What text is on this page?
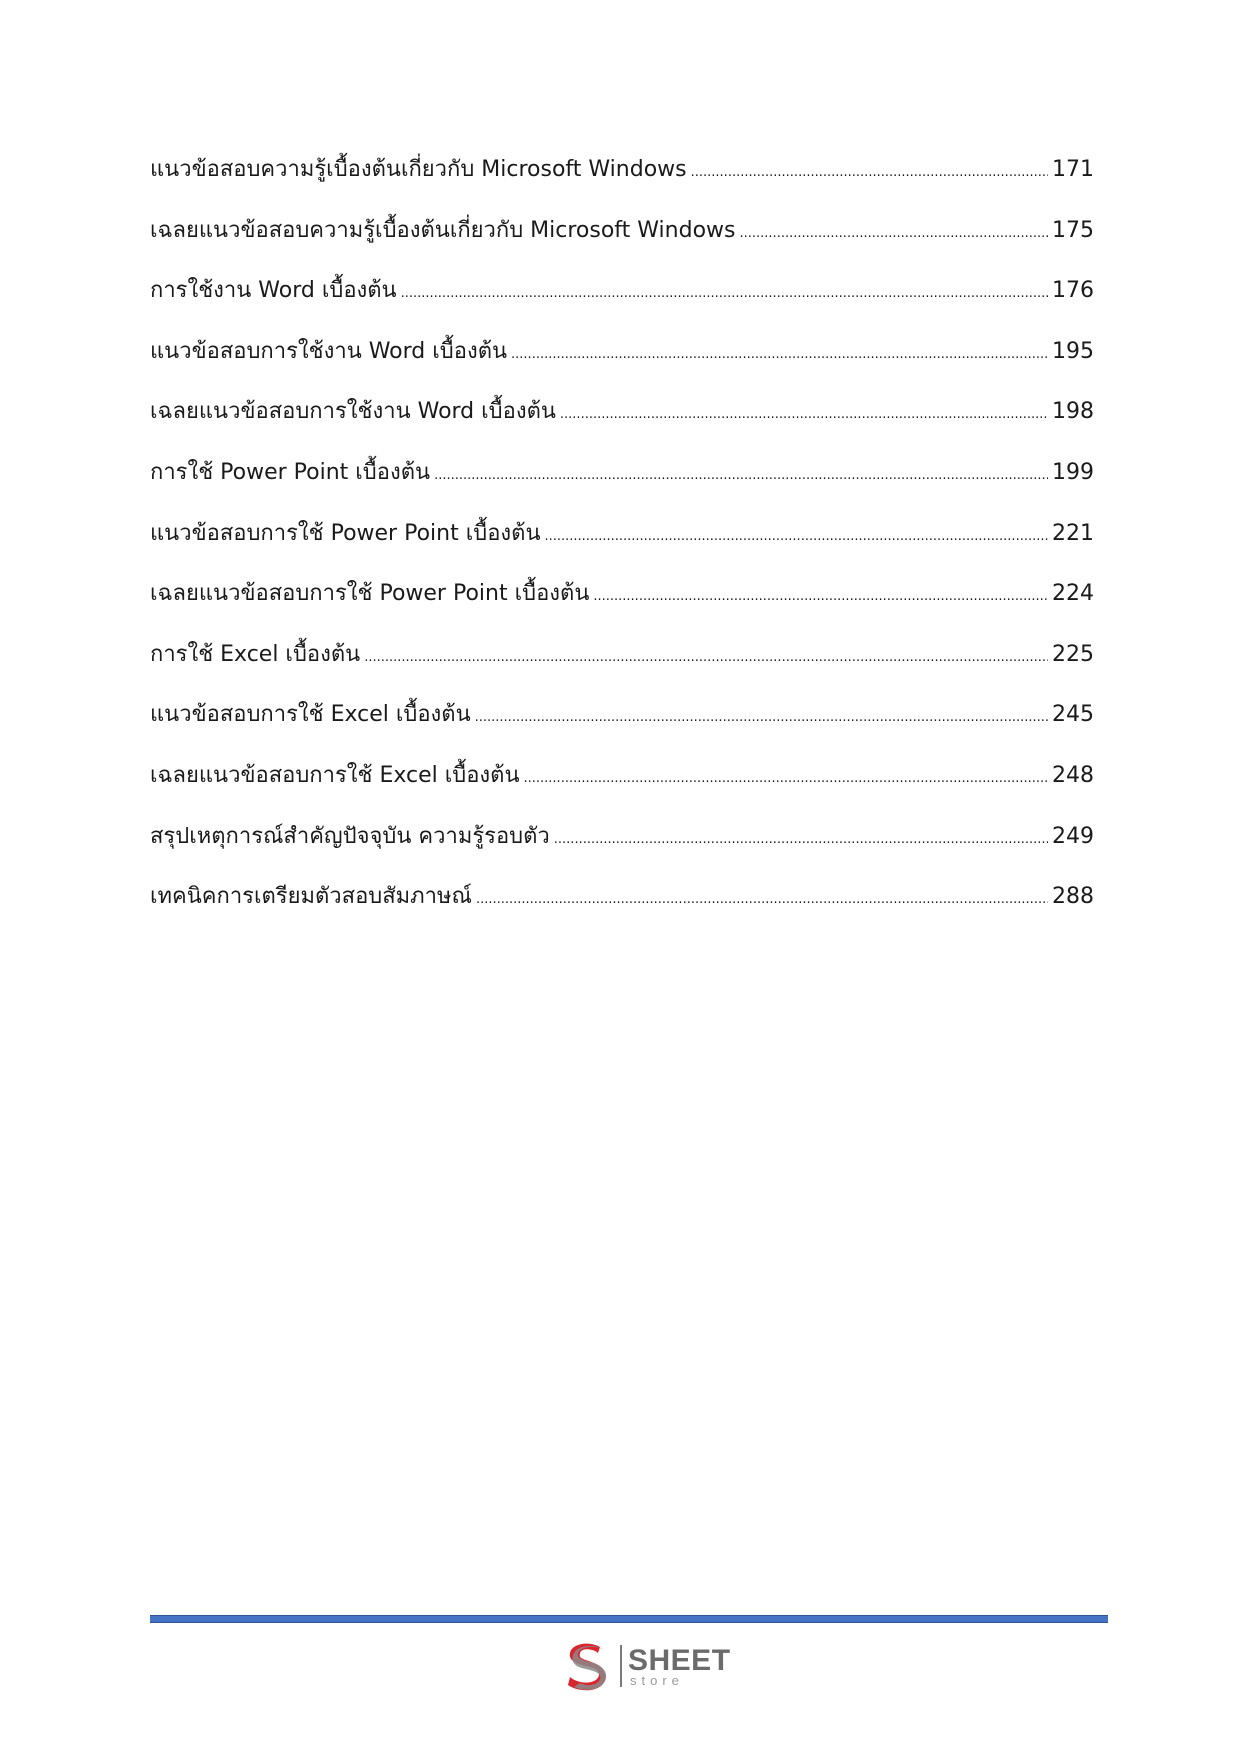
แนวข้อสอบความรู้เบื้องต้นเกี่ยวกับ Microsoft Windows .....	171
เฉลยแนวข้อสอบความรู้เบื้องต้นเกี่ยวกับ Microsoft Windows .....	175
การใช้งาน Word เบื้องต้น .....	176
แนวข้อสอบการใช้งาน Word เบื้องต้น .....	195
เฉลยแนวข้อสอบการใช้งาน Word เบื้องต้น .....	198
การใช้ Power Point เบื้องต้น .....	199
แนวข้อสอบการใช้ Power Point เบื้องต้น .....	221
เฉลยแนวข้อสอบการใช้ Power Point เบื้องต้น .....	224
การใช้ Excel เบื้องต้น .....	225
แนวข้อสอบการใช้ Excel เบื้องต้น .....	245
เฉลยแนวข้อสอบการใช้ Excel เบื้องต้น .....	248
สรุปเหตุการณ์สำคัญปัจจุบัน ความรู้รอบตัว .....	249
เทคนิคการเตรียมตัวสอบสัมภาษณ์ .....	288
SHEET
store
